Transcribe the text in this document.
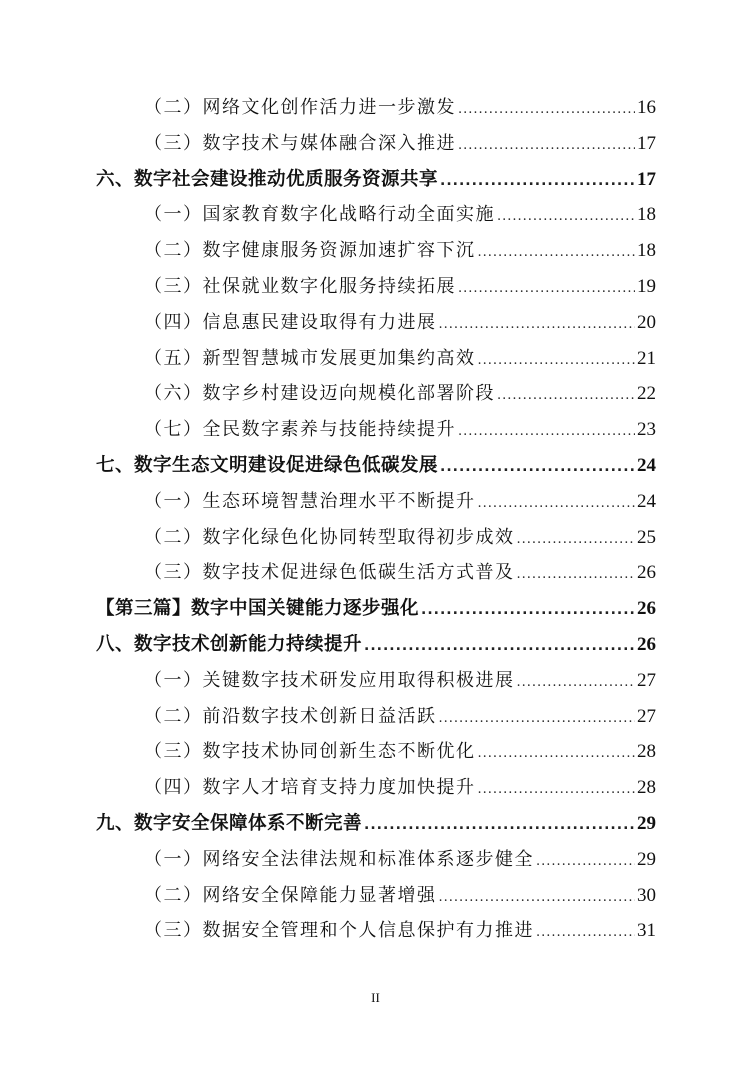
（二）网络文化创作活力进一步激发 .....	16
（三）数字技术与媒体融合深入推进 .....	17
六、数字社会建设推动优质服务资源共享 .....	17
（一）国家教育数字化战略行动全面实施 .....	18
（二）数字健康服务资源加速扩容下沉 .....	18
（三）社保就业数字化服务持续拓展 .....	19
（四）信息惠民建设取得有力进展 .....	20
（五）新型智慧城市发展更加集约高效 .....	21
（六）数字乡村建设迈向规模化部署阶段 .....	22
（七）全民数字素养与技能持续提升 .....	23
七、数字生态文明建设促进绿色低碳发展 .....	24
（一）生态环境智慧治理水平不断提升 .....	24
（二）数字化绿色化协同转型取得初步成效 .....	25
（三）数字技术促进绿色低碳生活方式普及 .....	26
【第三篇】数字中国关键能力逐步强化 .....	26
八、数字技术创新能力持续提升 .....	26
（一）关键数字技术研发应用取得积极进展 .....	27
（二）前沿数字技术创新日益活跃 .....	27
（三）数字技术协同创新生态不断优化 .....	28
（四）数字人才培育支持力度加快提升 .....	28
九、数字安全保障体系不断完善 .....	29
（一）网络安全法律法规和标准体系逐步健全 .....	29
（二）网络安全保障能力显著增强 .....	30
（三）数据安全管理和个人信息保护有力推进 .....	31
II
